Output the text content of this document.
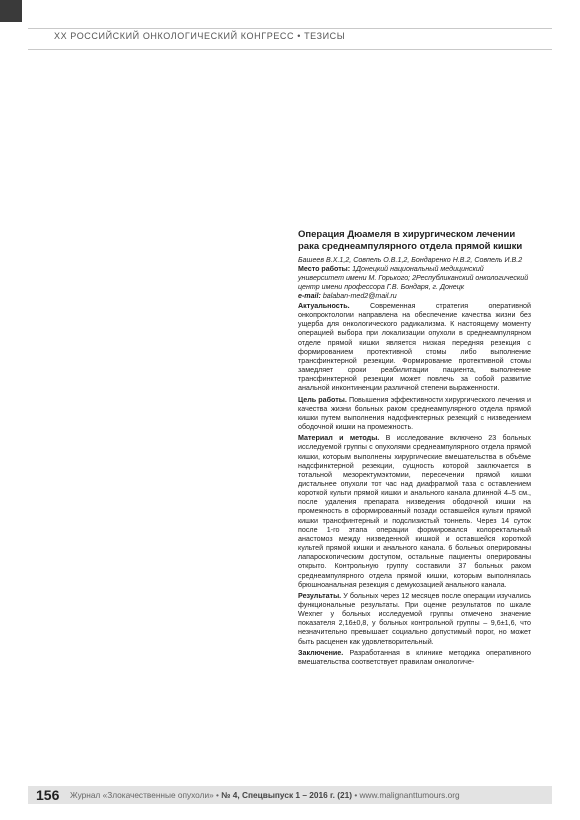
XX РОССИЙСКИЙ ОНКОЛОГИЧЕСКИЙ КОНГРЕСС • ТЕЗИСЫ
Операция Дюамеля в хирургическом лечении рака среднеампулярного отдела прямой кишки
Башеев В.Х.1,2, Совпель О.В.1,2, Бондаренко Н.В.2, Совпель И.В.2
Место работы: 1Донецкий национальный медицинский университет имени М. Горького; 2Республиканский онкологический центр имени профессора Г.В. Бондаря, г. Донецк
e-mail: balaban-med2@mail.ru

Актуальность.	Современная стратегия оперативной онкопроктологии направлена на обеспечение качества жизни без ущерба для онкологического радикализма. К настоящему моменту операцией выбора при локализации опухоли в среднеампулярном отделе прямой кишки является низкая передняя резекция с формированием протективной стомы либо выполнение трансфинктерной резекции. Формирование протективной стомы замедляет сроки реабилитации пациента, выполнение трансфинктерной резекции может повлечь за собой развитие анальной инконтиненции различной степени выраженности.

Цель работы. Повышения эффективности хирургического лечения и качества жизни больных раком среднеампулярного отдела прямой кишки путем выполнения надсфинктерных резекций с низведением ободочной кишки на промежность.

Материал и методы. В исследование включено 23 больных исследуемой группы с опухолями среднеампулярного отдела прямой кишки, которым выполнены хирургические вмешательства в объёме надсфинктерной резекции, сущность которой заключается в тотальной мезоректумэктомии, пересечении прямой кишки дистальнее опухоли тот час над диафрагмой таза с оставлением короткой культи прямой кишки и анального канала длинной 4–5 см., после удаления препарата низведения ободочной кишки на промежность в сформированный позади оставшейся культи прямой кишки трансфинтерный и подслизистый тоннель. Через 14 суток после 1-го этапа операции формировался колоректальный анастомоз между низведенной кишкой и оставшейся короткой культей прямой кишки и анального канала. 6 больных оперированы лапароскопическим доступом, остальные пациенты оперированы открыто. Контрольную группу составили 37 больных раком среднеампулярного отдела прямой кишки, которым выполнялась брюшноанальная резекция с демукозацией анального канала.

Результаты. У больных через 12 месяцев после операции изучались функциональные результаты. При оценке результатов по шкале Wexner у больных исследуемой группы отмечено значение показателя 2,16±0,8, у больных контрольной группы – 9,6±1,6, что незначительно превышает социально допустимый порог, но может быть расценен как удовлетворительный.

Заключение. Разработанная в клинике методика оперативного вмешательства соответствует правилам онкологиче-

156 Журнал «Злокачественные опухоли» • № 4, Спецвыпуск 1 – 2016 г. (21) • www.malignanttumours.org
